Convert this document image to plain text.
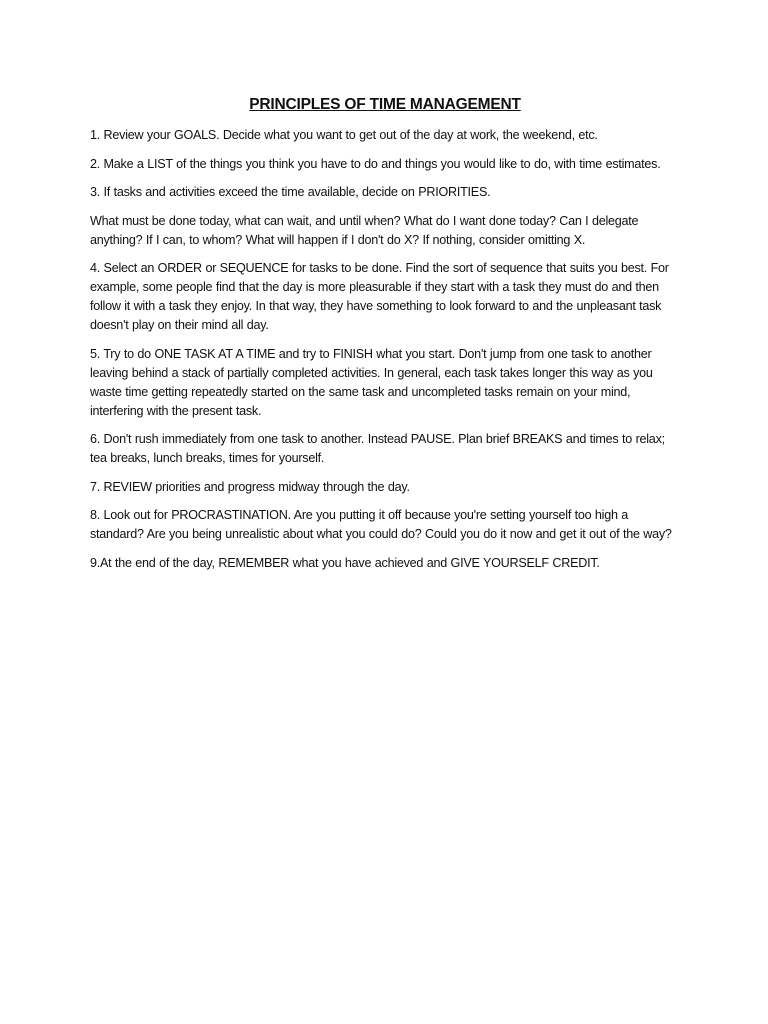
PRINCIPLES OF TIME MANAGEMENT

1. Review your GOALS. Decide what you want to get out of the day at work, the weekend, etc.

2. Make a LIST of the things you think you have to do and things you would like to do, with time estimates.

3. If tasks and activities exceed the time available, decide on PRIORITIES.

What must be done today, what can wait, and until when? What do I want done today? Can I delegate anything? If I can, to whom? What will happen if I don't do X? If nothing, consider omitting X.

4. Select an ORDER or SEQUENCE for tasks to be done. Find the sort of sequence that suits you best. For example, some people find that the day is more pleasurable if they start with a task they must do and then follow it with a task they enjoy. In that way, they have something to look forward to and the unpleasant task doesn't play on their mind all day.

5. Try to do ONE TASK AT A TIME and try to FINISH what you start. Don't jump from one task to another leaving behind a stack of partially completed activities. In general, each task takes longer this way as you waste time getting repeatedly started on the same task and uncompleted tasks remain on your mind, interfering with the present task.

6. Don't rush immediately from one task to another. Instead PAUSE. Plan brief BREAKS and times to relax; tea breaks, lunch breaks, times for yourself.

7. REVIEW priorities and progress midway through the day.

8. Look out for PROCRASTINATION. Are you putting it off because you're setting yourself too high a standard? Are you being unrealistic about what you could do? Could you do it now and get it out of the way?

9.At the end of the day, REMEMBER what you have achieved and GIVE YOURSELF CREDIT.
